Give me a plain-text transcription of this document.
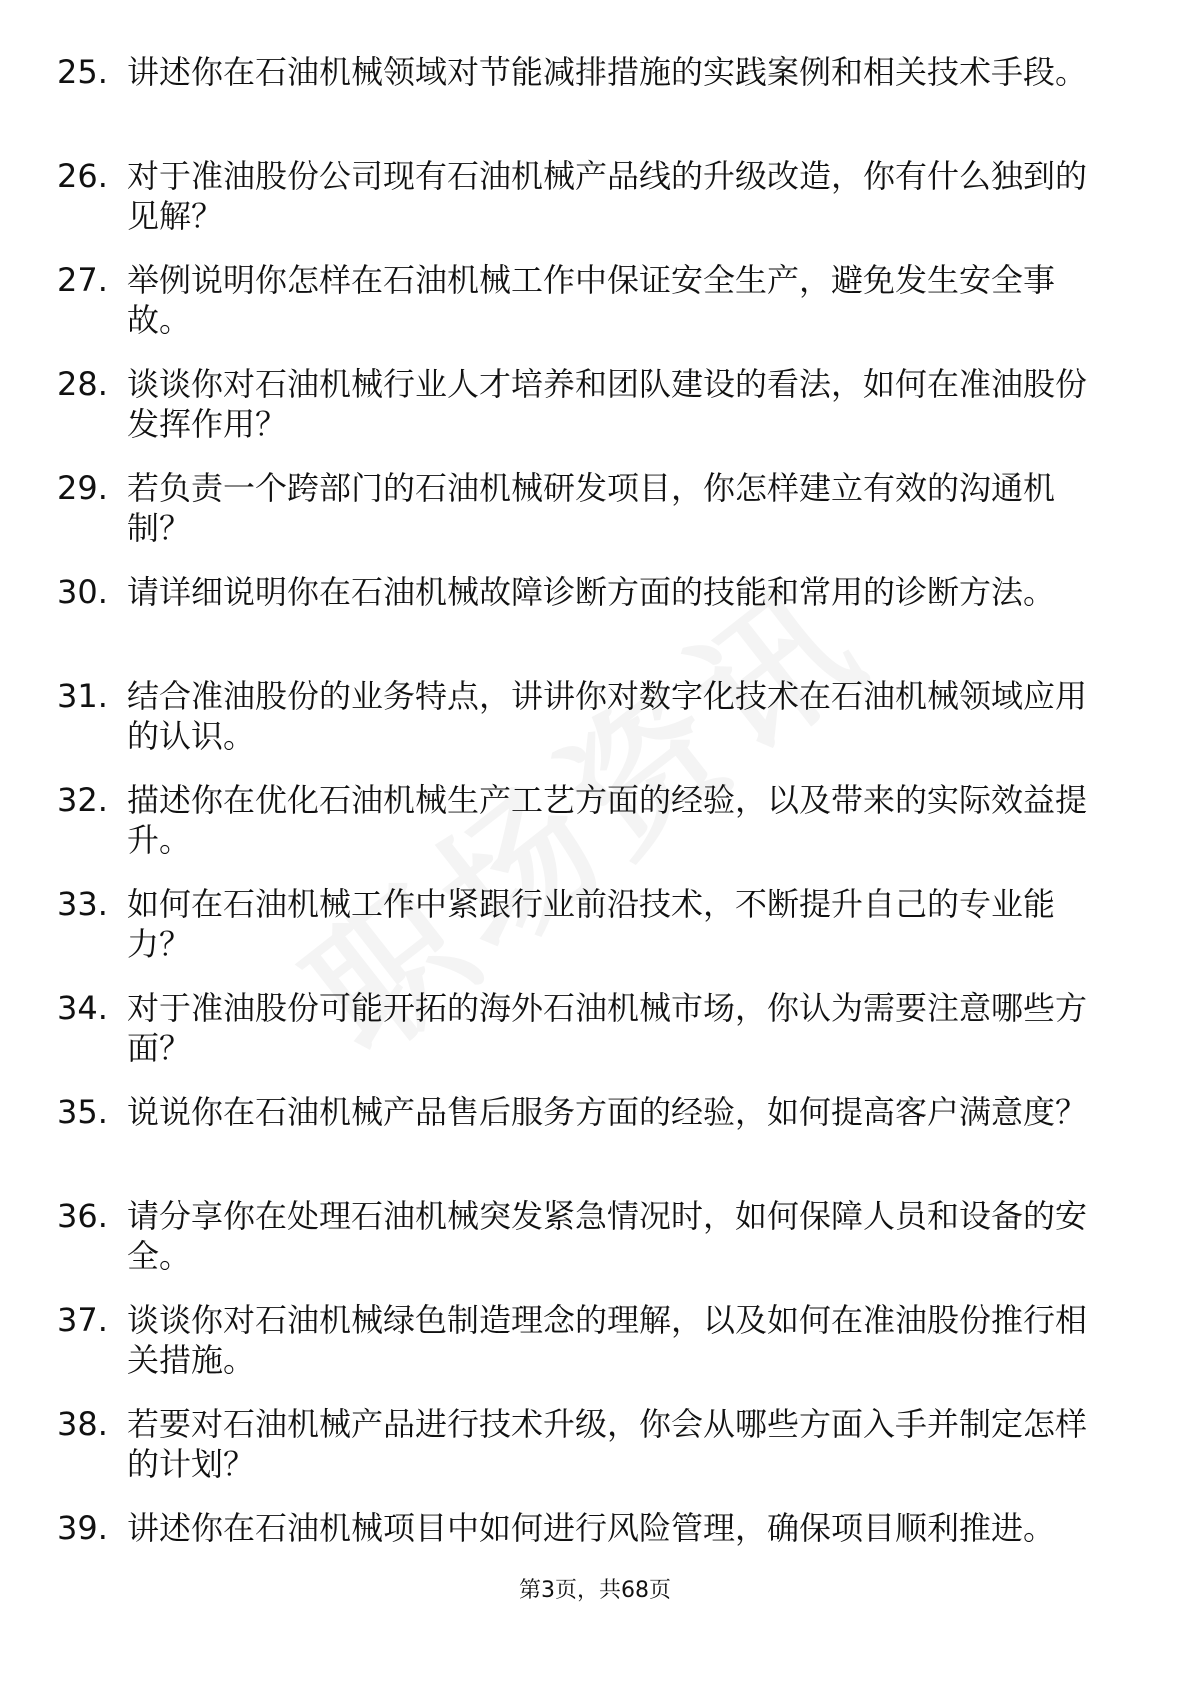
25. 讲述你在石油机械领域对节能减排措施的实践案例和相关技术手段。
26. 对于准油股份公司现有石油机械产品线的升级改造，你有什么独到的见解？
27. 举例说明你怎样在石油机械工作中保证安全生产，避免发生安全事故。
28. 谈谈你对石油机械行业人才培养和团队建设的看法，如何在准油股份发挥作用？
29. 若负责一个跨部门的石油机械研发项目，你怎样建立有效的沟通机制？
30. 请详细说明你在石油机械故障诊断方面的技能和常用的诊断方法。
31. 结合准油股份的业务特点，讲讲你对数字化技术在石油机械领域应用的认识。
32. 描述你在优化石油机械生产工艺方面的经验，以及带来的实际效益提升。
33. 如何在石油机械工作中紧跟行业前沿技术，不断提升自己的专业能力？
34. 对于准油股份可能开拓的海外石油机械市场，你认为需要注意哪些方面？
35. 说说你在石油机械产品售后服务方面的经验，如何提高客户满意度？
36. 请分享你在处理石油机械突发紧急情况时，如何保障人员和设备的安全。
37. 谈谈你对石油机械绿色制造理念的理解，以及如何在准油股份推行相关措施。
38. 若要对石油机械产品进行技术升级，你会从哪些方面入手并制定怎样的计划？
39. 讲述你在石油机械项目中如何进行风险管理，确保项目顺利推进。
第3页，共68页
